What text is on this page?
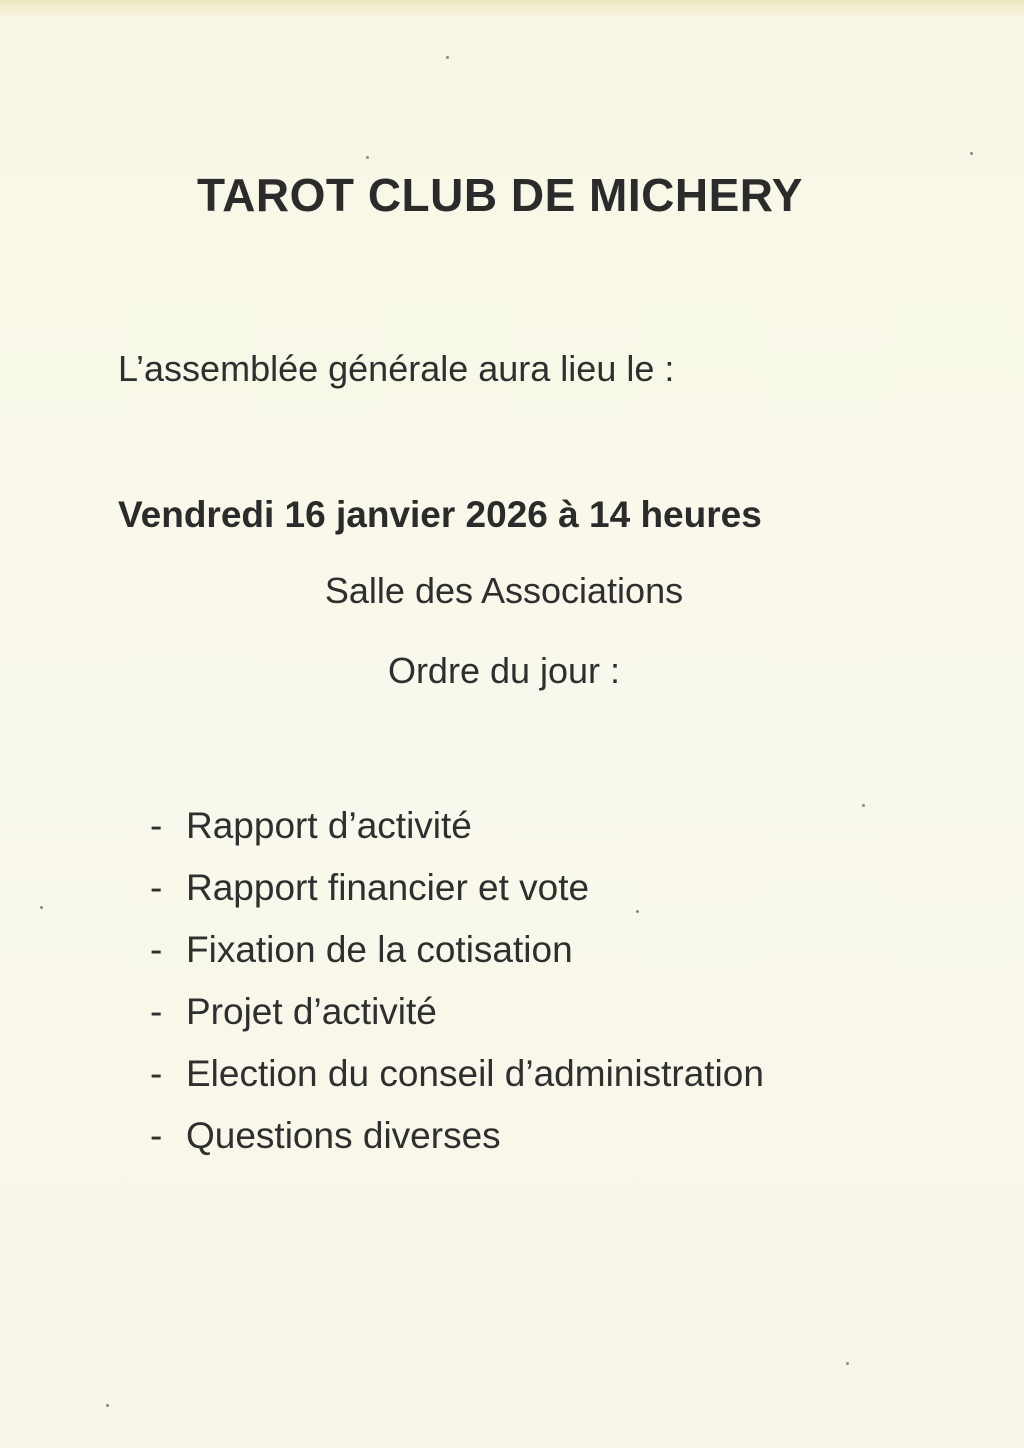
TAROT CLUB DE MICHERY
L’assemblée générale aura lieu le :
Vendredi 16 janvier 2026 à 14 heures
Salle des Associations
Ordre du jour :
- Rapport d’activité
- Rapport financier et vote
- Fixation de la cotisation
- Projet d’activité
- Election du conseil d’administration
- Questions diverses
